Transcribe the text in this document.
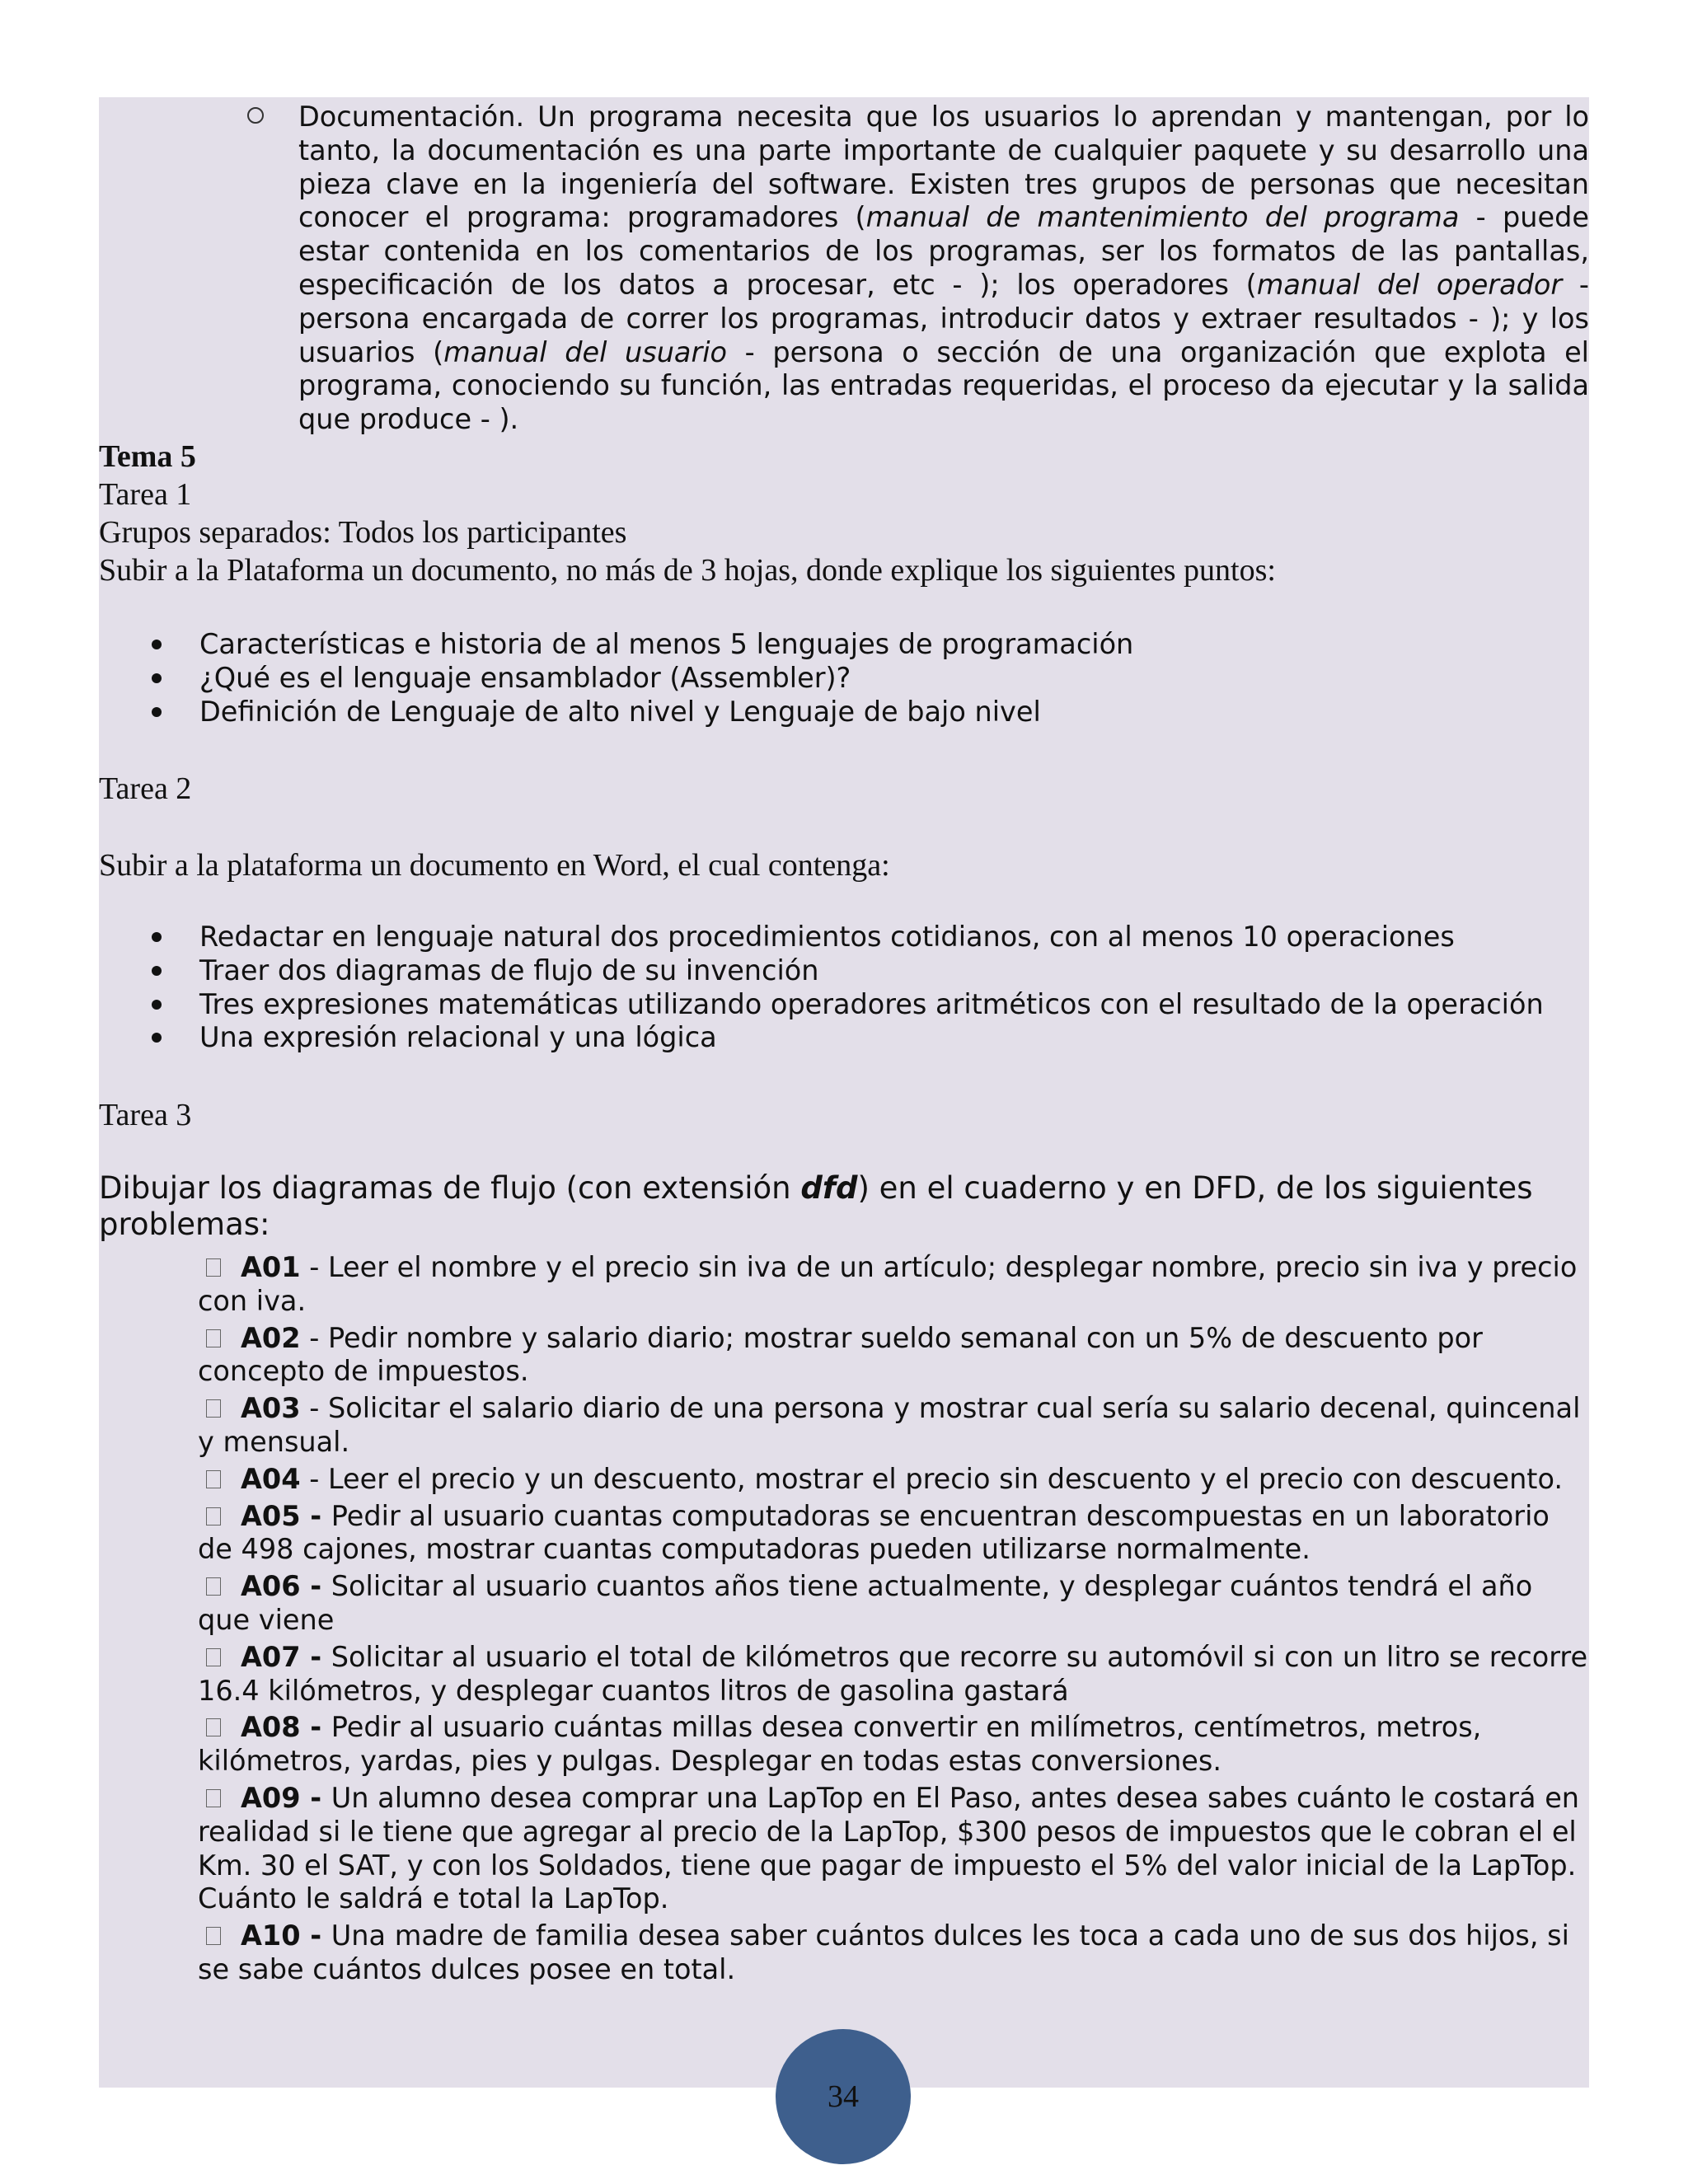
Documentación. Un programa necesita que los usuarios lo aprendan y mantengan, por lo
tanto, la documentación es una parte importante de cualquier paquete y su desarrollo una
pieza clave en la ingeniería del software. Existen tres grupos de personas que necesitan
conocer el programa: programadores (manual de mantenimiento del programa - puede
estar contenida en los comentarios de los programas, ser los formatos de las pantallas,
especificación de los datos a procesar, etc - ); los operadores (manual del operador -
persona encargada de correr los programas, introducir datos y extraer resultados - ); y los
usuarios (manual del usuario - persona o sección de una organización que explota el
programa, conociendo su función, las entradas requeridas, el proceso da ejecutar y la salida
que produce - ).
Tema 5
Tarea 1
Grupos separados: Todos los participantes
Subir a la Plataforma un documento, no más de 3 hojas, donde explique los siguientes puntos:
Características e historia de al menos 5 lenguajes de programación
¿Qué es el lenguaje ensamblador (Assembler)?
Definición de Lenguaje de alto nivel y Lenguaje de bajo nivel
Tarea 2
Subir a la plataforma un documento en Word, el cual contenga:
Redactar en lenguaje natural dos procedimientos cotidianos, con al menos 10 operaciones
Traer dos diagramas de flujo de su invención
Tres expresiones matemáticas utilizando operadores aritméticos con el resultado de la operación
Una expresión relacional y una lógica
Tarea 3
Dibujar los diagramas de flujo (con extensión dfd) en el cuaderno y en DFD, de los siguientes problemas:
A01 - Leer el nombre y el precio sin iva de un artículo; desplegar nombre, precio sin iva y precio con iva.
A02 - Pedir nombre y salario diario; mostrar sueldo semanal con un 5% de descuento por concepto de impuestos.
A03 - Solicitar el salario diario de una persona y mostrar cual sería su salario decenal, quincenal y mensual.
A04 - Leer el precio y un descuento, mostrar el precio sin descuento y el precio con descuento.
A05 - Pedir al usuario cuantas computadoras se encuentran descompuestas en un laboratorio de 498 cajones, mostrar cuantas computadoras pueden utilizarse normalmente.
A06 - Solicitar al usuario cuantos años tiene actualmente, y desplegar cuántos tendrá el año que viene
A07 - Solicitar al usuario el total de kilómetros que recorre su automóvil si con un litro se recorre 16.4 kilómetros, y desplegar cuantos litros de gasolina gastará
A08 - Pedir al usuario cuántas millas desea convertir en milímetros, centímetros, metros, kilómetros, yardas, pies y pulgas. Desplegar en todas estas conversiones.
A09 - Un alumno desea comprar una LapTop en El Paso, antes desea sabes cuánto le costará en realidad si le tiene que agregar al precio de la LapTop, $300 pesos de impuestos que le cobran el el Km. 30 el SAT, y con los Soldados, tiene que pagar de impuesto el 5% del valor inicial de la LapTop. Cuánto le saldrá e total la LapTop.
A10 - Una madre de familia desea saber cuántos dulces les toca a cada uno de sus dos hijos, si se sabe cuántos dulces posee en total.
34
